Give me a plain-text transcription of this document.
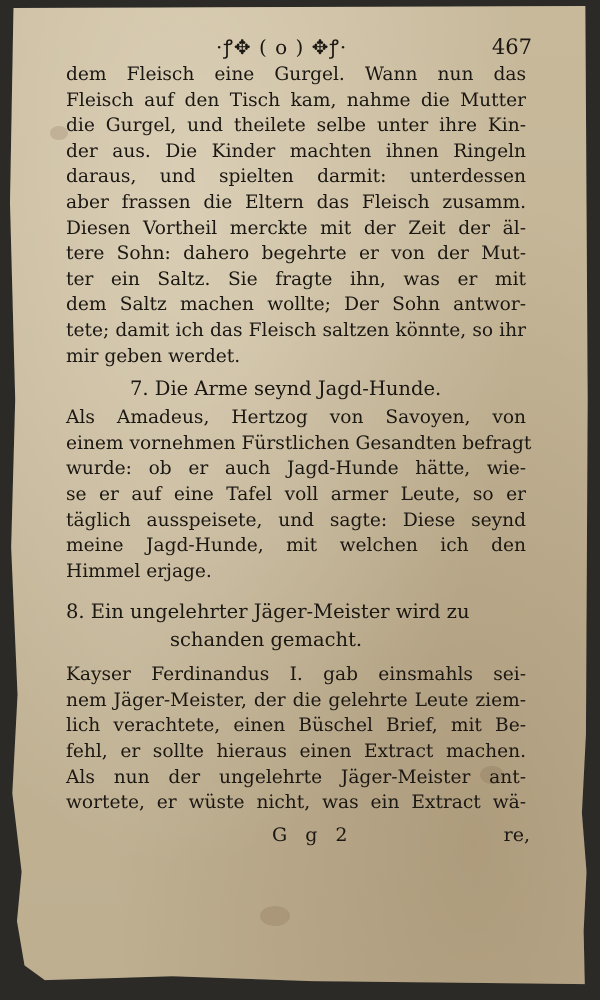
·ꝭ✥ ( o ) ✥ꝭ·	467
dem Fleisch eine Gurgel. Wann nun das
Fleisch auf den Tisch kam, nahme die Mutter
die Gurgel, und theilete selbe unter ihre Kin-
der aus. Die Kinder machten ihnen Ringeln
daraus, und spielten darmit: unterdessen
aber frassen die Eltern das Fleisch zusamm.
Diesen Vortheil merckte mit der Zeit der äl-
tere Sohn: dahero begehrte er von der Mut-
ter ein Saltz. Sie fragte ihn, was er mit
dem Saltz machen wollte; Der Sohn antwor-
tete; damit ich das Fleisch saltzen könnte, so ihr
mir geben werdet.
7. Die Arme seynd Jagd-Hunde.
Als Amadeus, Hertzog von Savoyen, von
einem vornehmen Fürstlichen Gesandten befragt
wurde: ob er auch Jagd-Hunde hätte, wie-
se er auf eine Tafel voll armer Leute, so er
täglich ausspeisete, und sagte: Diese seynd
meine Jagd-Hunde, mit welchen ich den
Himmel erjage.
8. Ein ungelehrter Jäger-Meister wird zu
schanden gemacht.
Kayser Ferdinandus I. gab einsmahls sei-
nem Jäger-Meister, der die gelehrte Leute ziem-
lich verachtete, einen Büschel Brief, mit Be-
fehl, er sollte hieraus einen Extract machen.
Als nun der ungelehrte Jäger-Meister ant-
wortete, er wüste nicht, was ein Extract wä-
G g 2	re,
